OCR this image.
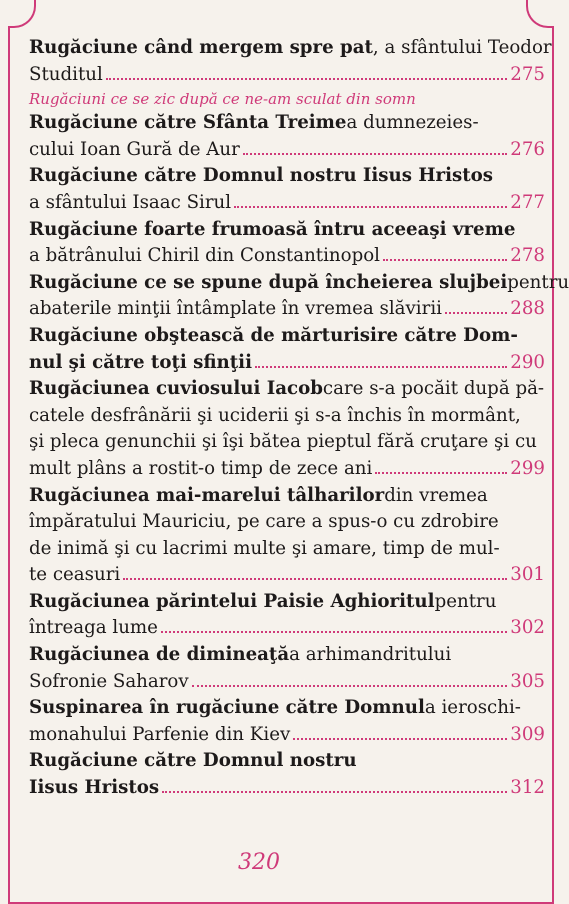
Rugăciune când mergem spre pat , a sfântului Teodor
Studitul	275
Rugăciuni ce se zic după ce ne-am sculat din somn
Rugăciune către Sfânta Treime a dumnezeies-
cului Ioan Gură de Aur	276
Rugăciune către Domnul nostru Iisus Hristos
a sfântului Isaac Sirul	277
Rugăciune foarte frumoasă întru aceeaşi vreme
a bătrânului Chiril din Constantinopol	278
Rugăciune ce se spune după încheierea slujbei pentru
abaterile minţii întâmplate în vremea slăvirii	288
Rugăciune obştească de mărturisire către Dom-
nul şi către toţi sfinţii	290
Rugăciunea cuviosului Iacob care s-a pocăit după pă-
catele desfrânării şi uciderii şi s-a închis în mormânt,
şi pleca genunchii şi îşi bătea pieptul fără cruţare şi cu
mult plâns a rostit-o timp de zece ani	299
Rugăciunea mai-marelui tâlharilor din vremea
împăratului Mauriciu, pe care a spus-o cu zdrobire
de inimă şi cu lacrimi multe şi amare, timp de mul-
te ceasuri	301
Rugăciunea părintelui Paisie Aghioritul pentru
întreaga lume	302
Rugăciunea de dimineaţă a arhimandritului
Sofronie Saharov	305
Suspinarea în rugăciune către Domnul a ieroschi-
monahului Parfenie din Kiev	309
Rugăciune către Domnul nostru
Iisus Hristos	312
320
